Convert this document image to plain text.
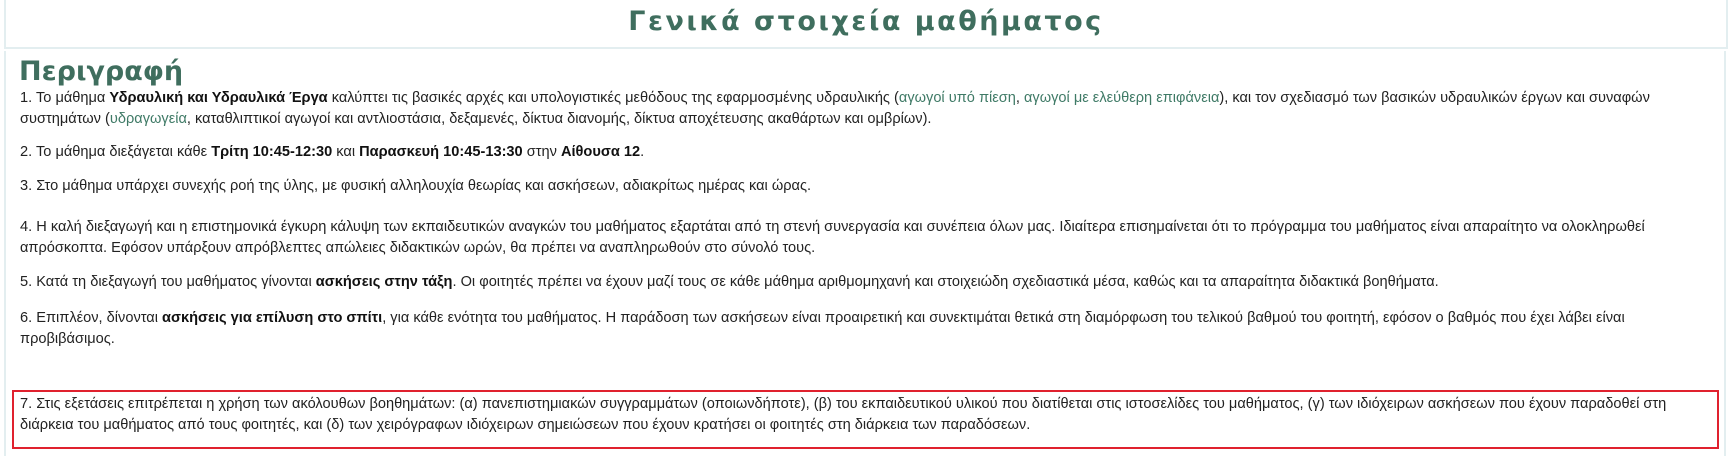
Γενικά στοιχεία μαθήματος
Περιγραφή
1. Το μάθημα Υδραυλική και Υδραυλικά Έργα καλύπτει τις βασικές αρχές και υπολογιστικές μεθόδους της εφαρμοσμένης υδραυλικής (αγωγοί υπό πίεση, αγωγοί με ελεύθερη επιφάνεια), και τον σχεδιασμό των βασικών υδραυλικών έργων και συναφών συστημάτων (υδραγωγεία, καταθλιπτικοί αγωγοί και αντλιοστάσια, δεξαμενές, δίκτυα διανομής, δίκτυα αποχέτευσης ακαθάρτων και ομβρίων).
2. Το μάθημα διεξάγεται κάθε Τρίτη 10:45-12:30 και Παρασκευή 10:45-13:30 στην Αίθουσα 12.
3. Στο μάθημα υπάρχει συνεχής ροή της ύλης, με φυσική αλληλουχία θεωρίας και ασκήσεων, αδιακρίτως ημέρας και ώρας.
4. Η καλή διεξαγωγή και η επιστημονικά έγκυρη κάλυψη των εκπαιδευτικών αναγκών του μαθήματος εξαρτάται από τη στενή συνεργασία και συνέπεια όλων μας. Ιδιαίτερα επισημαίνεται ότι το πρόγραμμα του μαθήματος είναι απαραίτητο να ολοκληρωθεί απρόσκοπτα. Εφόσον υπάρξουν απρόβλεπτες απώλειες διδακτικών ωρών, θα πρέπει να αναπληρωθούν στο σύνολό τους.
5. Κατά τη διεξαγωγή του μαθήματος γίνονται ασκήσεις στην τάξη. Οι φοιτητές πρέπει να έχουν μαζί τους σε κάθε μάθημα αριθμομηχανή και στοιχειώδη σχεδιαστικά μέσα, καθώς και τα απαραίτητα διδακτικά βοηθήματα.
6. Επιπλέον, δίνονται ασκήσεις για επίλυση στο σπίτι, για κάθε ενότητα του μαθήματος. Η παράδοση των ασκήσεων είναι προαιρετική και συνεκτιμάται θετικά στη διαμόρφωση του τελικού βαθμού του φοιτητή, εφόσον ο βαθμός που έχει λάβει είναι προβιβάσιμος.
7. Στις εξετάσεις επιτρέπεται η χρήση των ακόλουθων βοηθημάτων: (α) πανεπιστημιακών συγγραμμάτων (οποιωνδήποτε), (β) του εκπαιδευτικού υλικού που διατίθεται στις ιστοσελίδες του μαθήματος, (γ) των ιδιόχειρων ασκήσεων που έχουν παραδοθεί στη διάρκεια του μαθήματος από τους φοιτητές, και (δ) των χειρόγραφων ιδιόχειρων σημειώσεων που έχουν κρατήσει οι φοιτητές στη διάρκεια των παραδόσεων.
